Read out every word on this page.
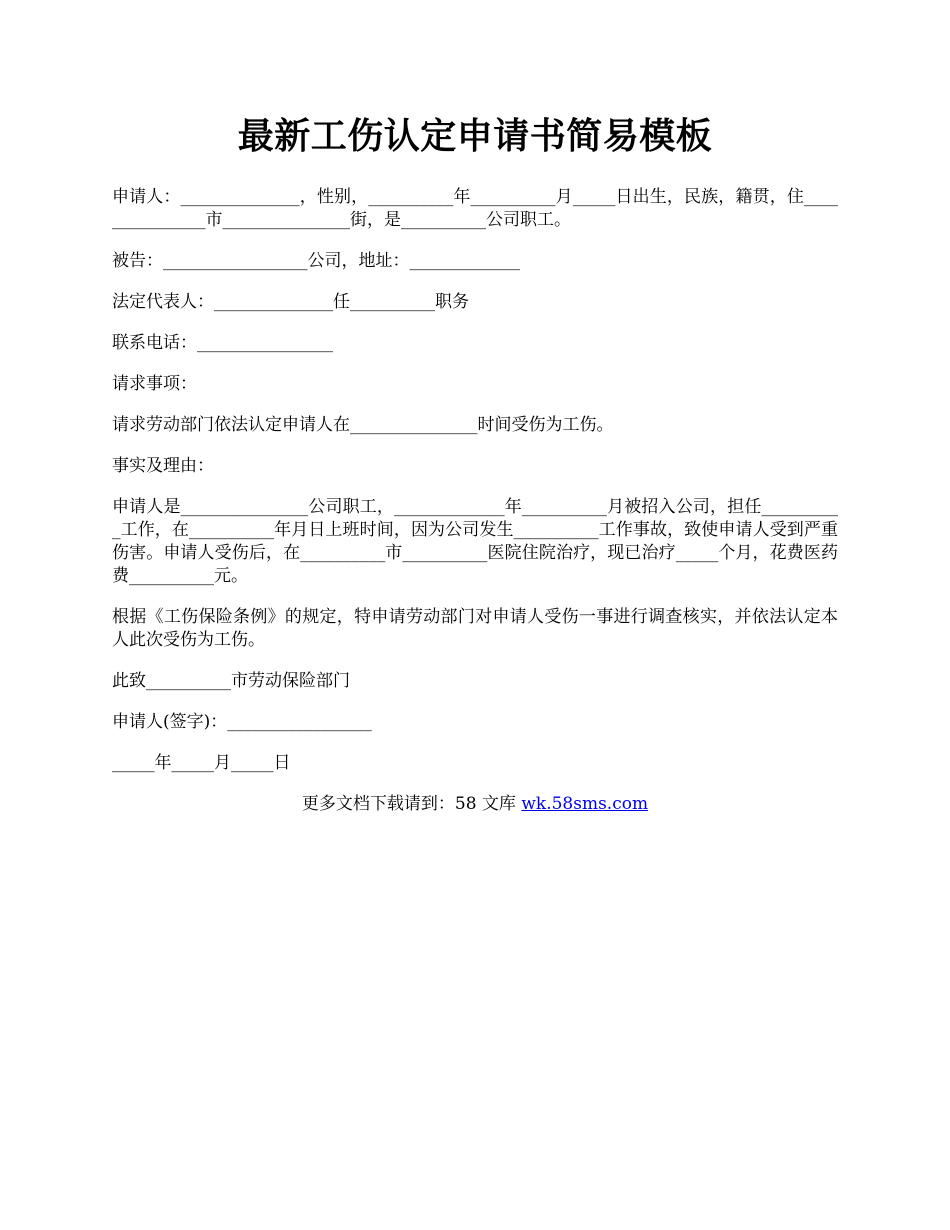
最新工伤认定申请书简易模板

申请人：______________，性别，__________年__________月_____日出生，民族，籍贯，住_______________市_______________街，是__________公司职工。

被告：_________________公司，地址：_____________

法定代表人：______________任__________职务

联系电话：________________

请求事项：

请求劳动部门依法认定申请人在_______________时间受伤为工伤。

事实及理由：

申请人是_______________公司职工，_____________年__________月被招入公司，担任__________工作，在__________年月日上班时间，因为公司发生__________工作事故，致使申请人受到严重伤害。申请人受伤后，在__________市__________医院住院治疗，现已治疗_____个月，花费医药费__________元。

根据《工伤保险条例》的规定，特申请劳动部门对申请人受伤一事进行调查核实，并依法认定本人此次受伤为工伤。

此致__________市劳动保险部门

申请人(签字)：_________________

_____年_____月_____日

更多文档下载请到：58 文库 wk.58sms.com
